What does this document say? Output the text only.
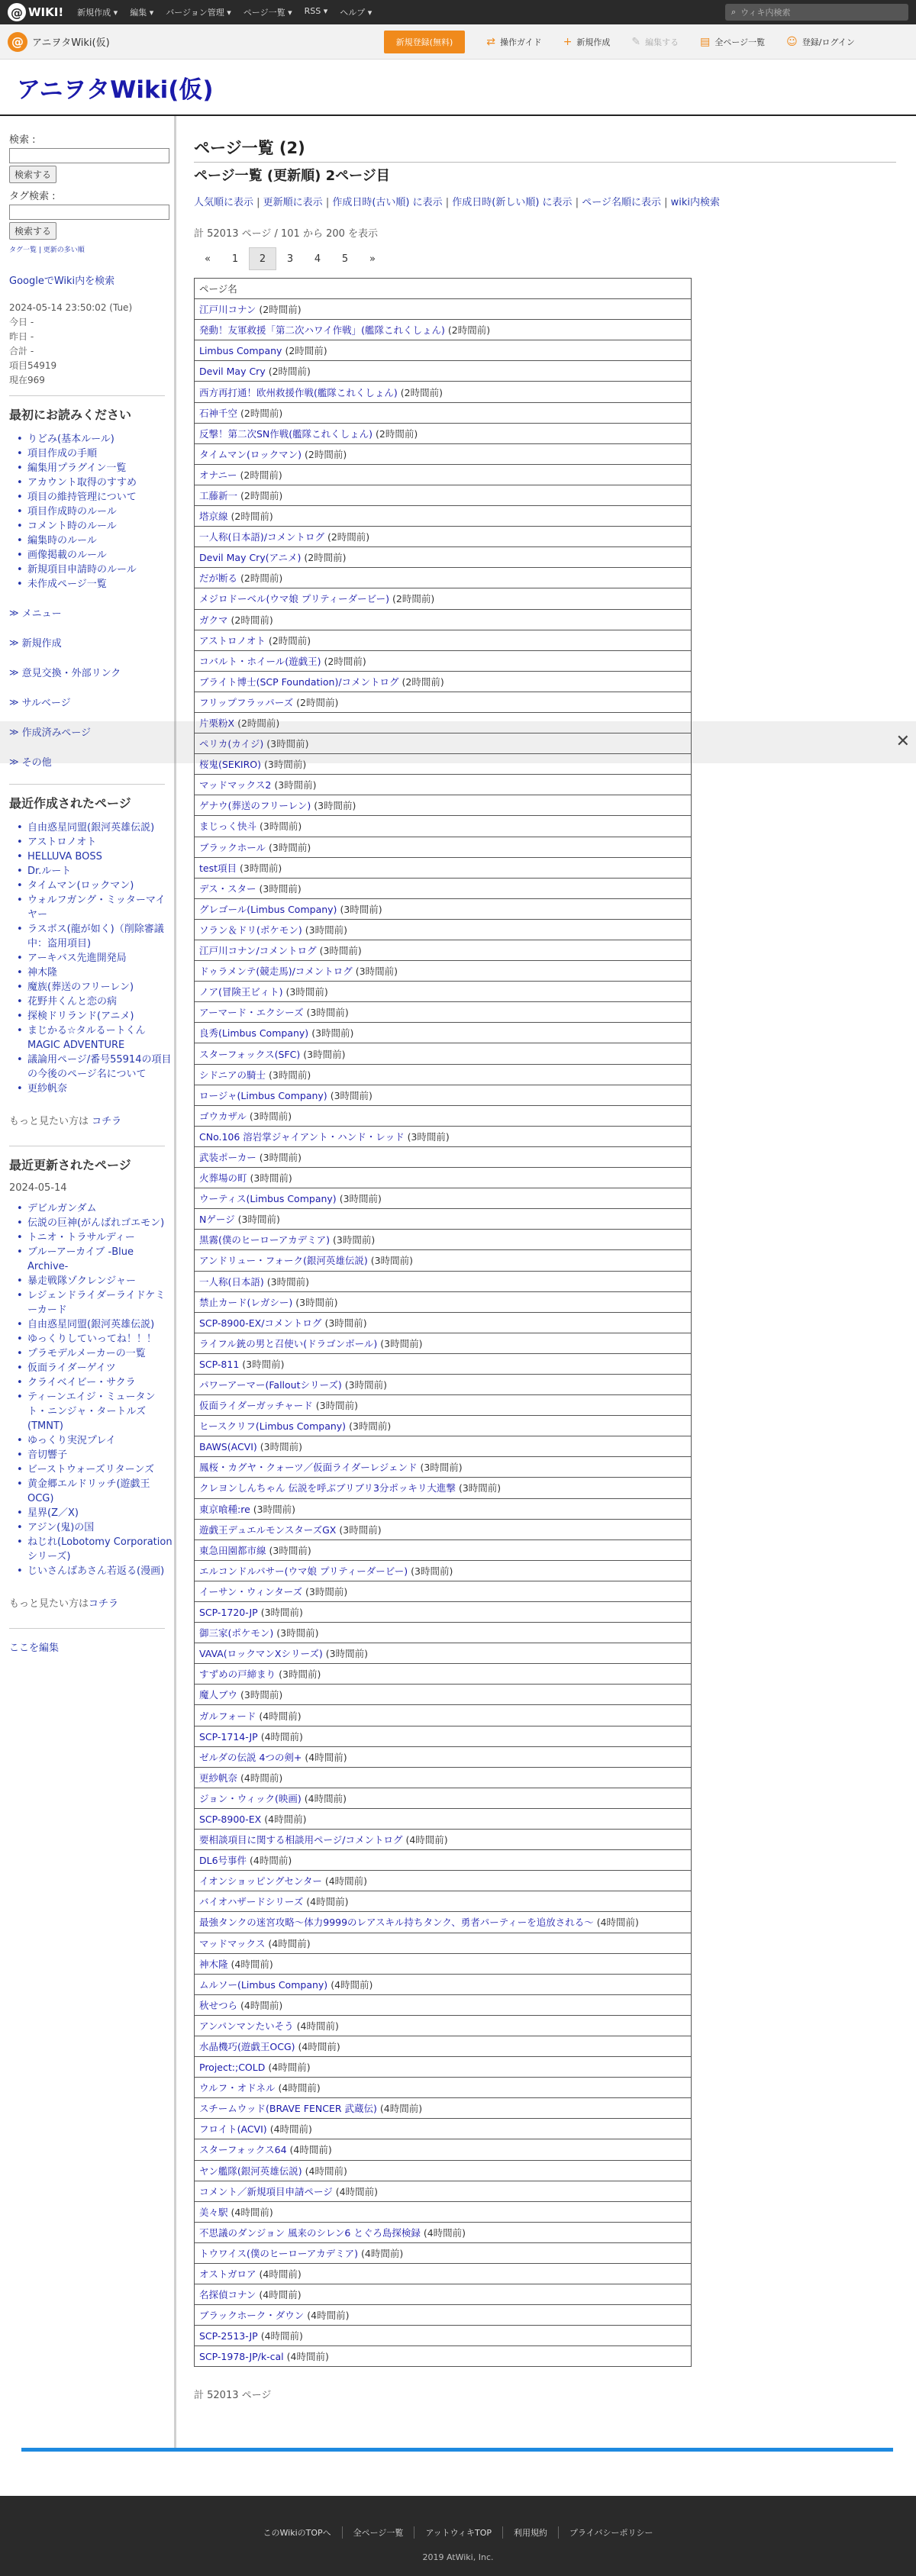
@ WIKI! 新規作成 ▾ 編集 ▾ バージョン管理 ▾ ページ一覧 ▾ RSS ▾ ヘルプ ▾	⌕ ウィキ内検索
@ アニヲタWiki(仮)	新規登録(無料)	⇄ 操作ガイド + 新規作成 ✎ 編集する ▤ 全ページ一覧 ☺ 登録/ログイン
アニヲタWiki(仮)
検索 :
検索する
タグ検索 :
検索する
タグ一覧 | 更新の多い順
GoogleでWiki内を検索
2024-05-14 23:50:02 (Tue)
今日 -
昨日 -
合計 -
項目54919
現在969
最初にお読みください
• りどみ(基本ルール)
• 項目作成の手順
• 編集用プラグイン一覧
• アカウント取得のすすめ
• 項目の維持管理について
• 項目作成時のルール
• コメント時のルール
• 編集時のルール
• 画像掲載のルール
• 新規項目申請時のルール
• 未作成ページ一覧
≫ メニュー
≫ 新規作成
≫ 意見交換・外部リンク
≫ サルベージ
≫ 作成済みページ
≫ その他
最近作成されたページ
• 自由惑星同盟(銀河英雄伝説)
• アストロノオト
• HELLUVA BOSS
• Dr.ルート
• タイムマン(ロックマン)
• ウォルフガング・ミッターマイヤー
• ラスボス(龍が如く)（削除審議中：盗用項目)
• アーキバス先進開発局
• 神木隆
• 魔族(葬送のフリーレン)
• 花野井くんと恋の病
• 探検ドリランド(アニメ)
• まじかる☆タルるートくん MAGIC ADVENTURE
• 議論用ページ/番号55914の項目の今後のページ名について
• 更紗帆奈
もっと見たい方は コチラ
最近更新されたページ
2024-05-14
• デビルガンダム
• 伝説の巨神(がんばれゴエモン)
• トニオ・トラサルディー
• ブルーアーカイブ -Blue Archive-
• 暴走戦隊ゾクレンジャー
• レジェンドライダーライドケミーカード
• 自由惑星同盟(銀河英雄伝説)
• ゆっくりしていってね！！！
• プラモデルメーカーの一覧
• 仮面ライダーゲイツ
• クライベイビー・サクラ
• ティーンエイジ・ミュータント・ニンジャ・タートルズ(TMNT)
• ゆっくり実況プレイ
• 音切響子
• ビーストウォーズリターンズ
• 黄金郷エルドリッチ(遊戯王OCG)
• 星界(Z／X)
• アジン(鬼)の国
• ねじれ(Lobotomy Corporationシリーズ)
• じいさんばあさん若返る(漫画)
もっと見たい方はコチラ
ここを編集
ページ一覧 (2)
ページ一覧 (更新順) 2ページ目
人気順に表示 | 更新順に表示 | 作成日時(古い順) に表示 | 作成日時(新しい順) に表示 | ページ名順に表示 | wiki内検索
計 52013 ページ / 101 から 200 を表示
«	1	2	3	4	5	»
ページ名
江戸川コナン (2時間前)
発動！友軍救援「第二次ハワイ作戦」(艦隊これくしょん) (2時間前)
Limbus Company (2時間前)
Devil May Cry (2時間前)
西方再打通！欧州救援作戦(艦隊これくしょん) (2時間前)
石神千空 (2時間前)
反撃！第二次SN作戦(艦隊これくしょん) (2時間前)
タイムマン(ロックマン) (2時間前)
オナニー (2時間前)
工藤新一 (2時間前)
塔京線 (2時間前)
一人称(日本語)/コメントログ (2時間前)
Devil May Cry(アニメ) (2時間前)
だが断る (2時間前)
メジロドーベル(ウマ娘 プリティーダービー) (2時間前)
ガクマ (2時間前)
アストロノオト (2時間前)
コバルト・ホイール(遊戯王) (2時間前)
ブライト博士(SCP Foundation)/コメントログ (2時間前)
フリップフラッパーズ (2時間前)
片栗粉X (2時間前)
ペリカ(カイジ) (3時間前)
桜鬼(SEKIRO) (3時間前)
マッドマックス2 (3時間前)
ゲナウ(葬送のフリーレン) (3時間前)
まじっく快斗 (3時間前)
ブラックホール (3時間前)
test項目 (3時間前)
デス・スター (3時間前)
グレゴール(Limbus Company) (3時間前)
ソラン＆ドリ(ポケモン) (3時間前)
江戸川コナン/コメントログ (3時間前)
ドゥラメンテ(競走馬)/コメントログ (3時間前)
ノア(冒険王ビィト) (3時間前)
アーマード・エクシーズ (3時間前)
良秀(Limbus Company) (3時間前)
スターフォックス(SFC) (3時間前)
シドニアの騎士 (3時間前)
ロージャ(Limbus Company) (3時間前)
ゴウカザル (3時間前)
CNo.106 溶岩掌ジャイアント・ハンド・レッド (3時間前)
武装ポーカー (3時間前)
火葬場の町 (3時間前)
ウーティス(Limbus Company) (3時間前)
Nゲージ (3時間前)
黒霧(僕のヒーローアカデミア) (3時間前)
アンドリュー・フォーク(銀河英雄伝説) (3時間前)
一人称(日本語) (3時間前)
禁止カード(レガシー) (3時間前)
SCP-8900-EX/コメントログ (3時間前)
ライフル銃の男と召使い(ドラゴンボール) (3時間前)
SCP-811 (3時間前)
パワーアーマー(Falloutシリーズ) (3時間前)
仮面ライダーガッチャード (3時間前)
ヒースクリフ(Limbus Company) (3時間前)
BAWS(ACVI) (3時間前)
鳳桜・カグヤ・クォーツ／仮面ライダーレジェンド (3時間前)
クレヨンしんちゃん 伝説を呼ぶブリブリ3分ポッキリ大進撃 (3時間前)
東京喰種:re (3時間前)
遊戯王デュエルモンスターズGX (3時間前)
東急田園都市線 (3時間前)
エルコンドルパサー(ウマ娘 プリティーダービー) (3時間前)
イーサン・ウィンターズ (3時間前)
SCP-1720-JP (3時間前)
御三家(ポケモン) (3時間前)
VAVA(ロックマンXシリーズ) (3時間前)
すずめの戸締まり (3時間前)
魔人ブウ (3時間前)
ガルフォード (4時間前)
SCP-1714-JP (4時間前)
ゼルダの伝説 4つの剣+ (4時間前)
更紗帆奈 (4時間前)
ジョン・ウィック(映画) (4時間前)
SCP-8900-EX (4時間前)
要相談項目に関する相談用ページ/コメントログ (4時間前)
DL6号事件 (4時間前)
イオンショッピングセンター (4時間前)
バイオハザードシリーズ (4時間前)
最強タンクの迷宮攻略〜体力9999のレアスキル持ちタンク、勇者パーティーを追放される〜 (4時間前)
マッドマックス (4時間前)
神木隆 (4時間前)
ムルソー(Limbus Company) (4時間前)
秋せつら (4時間前)
アンパンマンたいそう (4時間前)
水晶機巧(遊戯王OCG) (4時間前)
Project:;COLD (4時間前)
ウルフ・オドネル (4時間前)
スチームウッド(BRAVE FENCER 武蔵伝) (4時間前)
フロイト(ACVI) (4時間前)
スターフォックス64 (4時間前)
ヤン艦隊(銀河英雄伝説) (4時間前)
コメント／新規項目申請ページ (4時間前)
美々駅 (4時間前)
不思議のダンジョン 風来のシレン6 とぐろ島探検録 (4時間前)
トウワイス(僕のヒーローアカデミア) (4時間前)
オストガロア (4時間前)
名探偵コナン (4時間前)
ブラックホーク・ダウン (4時間前)
SCP-2513-JP (4時間前)
SCP-1978-JP/k-cal (4時間前)
計 52013 ページ
✕
このWikiのTOPへ	全ページ一覧	アットウィキTOP	利用規約	プライバシーポリシー
2019 AtWiki, Inc.
